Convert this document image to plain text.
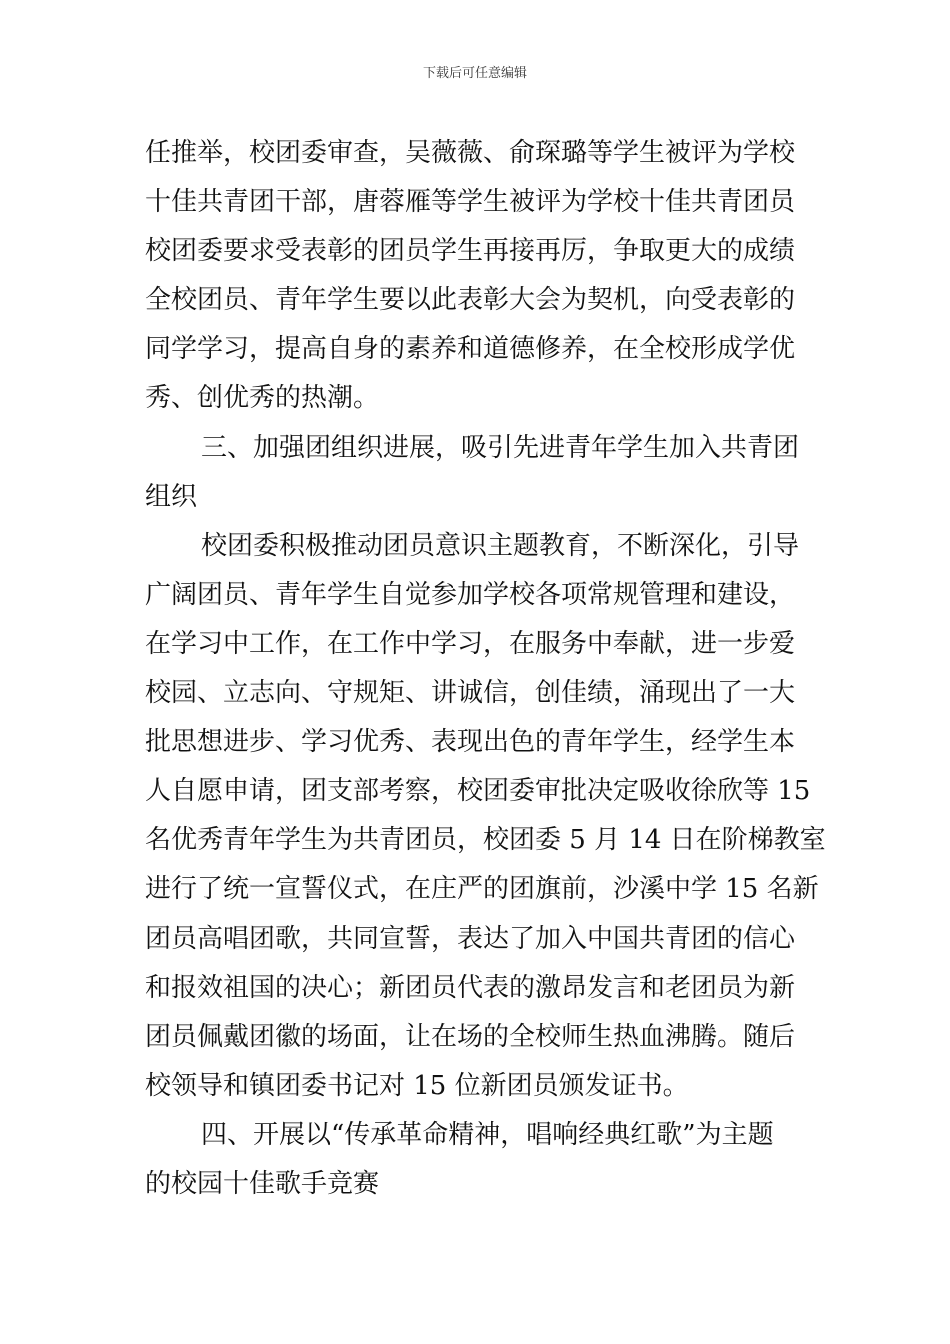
下载后可任意编辑
任推举，校团委审查，吴薇薇、俞琛璐等学生被评为学校
十佳共青团干部，唐蓉雁等学生被评为学校十佳共青团员
校团委要求受表彰的团员学生再接再厉，争取更大的成绩
全校团员、青年学生要以此表彰大会为契机，向受表彰的
同学学习，提高自身的素养和道德修养，在全校形成学优
秀、创优秀的热潮。
三、加强团组织进展，吸引先进青年学生加入共青团
组织
校团委积极推动团员意识主题教育，不断深化，引导
广阔团员、青年学生自觉参加学校各项常规管理和建设，
在学习中工作，在工作中学习，在服务中奉献，进一步爱
校园、立志向、守规矩、讲诚信，创佳绩，涌现出了一大
批思想进步、学习优秀、表现出色的青年学生，经学生本
人自愿申请，团支部考察，校团委审批决定吸收徐欣等 15
名优秀青年学生为共青团员，校团委 5 月 14 日在阶梯教室
进行了统一宣誓仪式，在庄严的团旗前，沙溪中学 15 名新
团员高唱团歌，共同宣誓，表达了加入中国共青团的信心
和报效祖国的决心；新团员代表的激昂发言和老团员为新
团员佩戴团徽的场面，让在场的全校师生热血沸腾。随后
校领导和镇团委书记对 15 位新团员颁发证书。
四、开展以“传承革命精神，唱响经典红歌”为主题
的校园十佳歌手竞赛
